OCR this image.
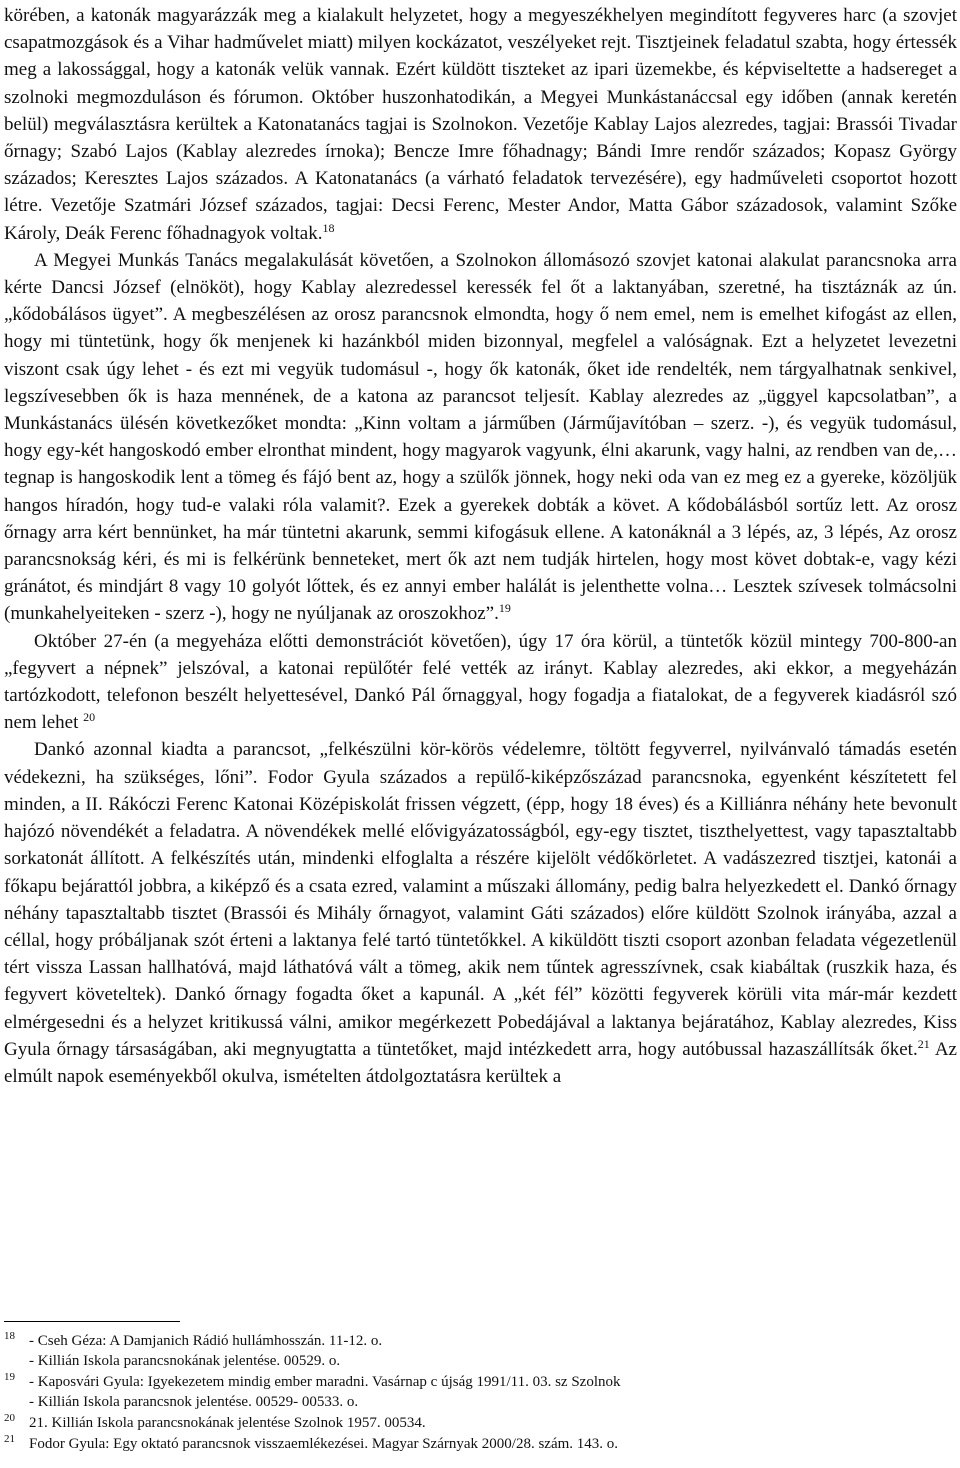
körében, a katonák magyarázzák meg a kialakult helyzetet, hogy a megyeszékhelyen megindított fegyveres harc (a szovjet csapatmozgások és a Vihar hadművelet miatt) milyen kockázatot, veszélyeket rejt. Tisztjeinek feladatul szabta, hogy értessék meg a lakossággal, hogy a katonák velük vannak. Ezért küldött tiszteket az ipari üzemekbe, és képviseltette a hadsereget a szolnoki megmozduláson és fórumon. Október huszonhatodikán, a Megyei Munkástanáccsal egy időben (annak keretén belül) megválasztásra kerültek a Katonatanács tagjai is Szolnokon. Vezetője Kablay Lajos alezredes, tagjai: Brassói Tivadar őrnagy; Szabó Lajos (Kablay alezredes írnoka); Bencze Imre főhadnagy; Bándi Imre rendőr százados; Kopasz György százados; Keresztes Lajos százados. A Katonatanács (a várható feladatok tervezésére), egy hadműveleti csoportot hozott létre. Vezetője Szatmári József százados, tagjai: Decsi Ferenc, Mester Andor, Matta Gábor századosok, valamint Szőke Károly, Deák Ferenc főhadnagyok voltak.$^{18}$

A Megyei Munkás Tanács megalakulását követően, a Szolnokon állomásozó szovjet katonai alakulat parancsnoka arra kérte Dancsi József (elnököt), hogy Kablay alezredessel keressék fel őt a laktanyában, szeretné, ha tisztáznák az ún. „kődobálásos ügyet”. A megbeszélésen az orosz parancsnok elmondta, hogy ő nem emel, nem is emelhet kifogást az ellen, hogy mi tüntetünk, hogy ők menjenek ki hazánkból miden bizonnyal, megfelel a valóságnak. Ezt a helyzetet levezetni viszont csak úgy lehet - és ezt mi vegyük tudomásul -, hogy ők katonák, őket ide rendelték, nem tárgyalhatnak senkivel, legszívesebben ők is haza mennének, de a katona az parancsot teljesít. Kablay alezredes az „üggyel kapcsolatban”, a Munkástanács ülésén következőket mondta: „Kinn voltam a járműben (Járműjavítóban – szerz. -), és vegyük tudomásul, hogy egy-két hangoskodó ember elronthat mindent, hogy magyarok vagyunk, élni akarunk, vagy halni, az rendben van de,… tegnap is hangoskodik lent a tömeg és fájó bent az, hogy a szülők jönnek, hogy neki oda van ez meg ez a gyereke, közöljük hangos híradón, hogy tud-e valaki róla valamit?. Ezek a gyerekek dobták a követ. A kődobálásból sortűz lett. Az orosz őrnagy arra kért bennünket, ha már tüntetni akarunk, semmi kifogásuk ellene. A katonáknál a 3 lépés, az, 3 lépés, Az orosz parancsnokság kéri, és mi is felkérünk benneteket, mert ők azt nem tudják hirtelen, hogy most követ dobtak-e, vagy kézi gránátot, és mindjárt 8 vagy 10 golyót lőttek, és ez annyi ember halálát is jelenthette volna… Lesztek szívesek tolmácsolni (munkahelyeiteken - szerz -), hogy ne nyúljanak az oroszokhoz”.$^{19}$

Október 27-én (a megyeháza előtti demonstrációt követően), úgy 17 óra körül, a tüntetők közül mintegy 700-800-an „fegyvert a népnek” jelszóval, a katonai repülőtér felé vették az irányt. Kablay alezredes, aki ekkor, a megyeházán tartózkodott, telefonon beszélt helyettesével, Dankó Pál őrnaggyal, hogy fogadja a fiatalokat, de a fegyverek kiadásról szó nem lehet $^{20}$

Dankó azonnal kiadta a parancsot, „felkészülni kör-körös védelemre, töltött fegyverrel, nyilvánvaló támadás esetén védekezni, ha szükséges, lőni”. Fodor Gyula százados a repülő-kiképzőszázad parancsnoka, egyenként készítetett fel minden, a II. Rákóczi Ferenc Katonai Középiskolát frissen végzett, (épp, hogy 18 éves) és a Killiánra néhány hete bevonult hajózó növendékét a feladatra. A növendékek mellé elővigyázatosságból, egy-egy tisztet, tiszthelyettest, vagy tapasztaltabb sorkatonát állított. A felkészítés után, mindenki elfoglalta a részére kijelölt védőkörletet. A vadászezred tisztjei, katonái a főkapu bejárattól jobbra, a kiképző és a csata ezred, valamint a műszaki állomány, pedig balra helyezkedett el. Dankó őrnagy néhány tapasztaltabb tisztet (Brassói és Mihály őrnagyot, valamint Gáti százados) előre küldött Szolnok irányába, azzal a céllal, hogy próbáljanak szót érteni a laktanya felé tartó tüntetőkkel. A kiküldött tiszti csoport azonban feladata végezetlenül tért vissza Lassan hallhatóvá, majd láthatóvá vált a tömeg, akik nem tűntek agresszívnek, csak kiabáltak (ruszkik haza, és fegyvert követeltek). Dankó őrnagy fogadta őket a kapunál. A „két fél” közötti fegyverek körüli vita már-már kezdett elmérgesedni és a helyzet kritikussá válni, amikor megérkezett Pobedájával a laktanya bejáratához, Kablay alezredes, Kiss Gyula őrnagy társaságában, aki megnyugtatta a tüntetőket, majd intézkedett arra, hogy autóbussal hazaszállítsák őket.$^{21}$ Az elmúlt napok eseményekből okulva, ismételten átdolgoztatásra kerültek a

$^{18}$ - Cseh Géza: A Damjanich Rádió hullámhosszán. 11-12. o.
- Killián Iskola parancsnokának jelentése. 00529. o.
$^{19}$ - Kaposvári Gyula: Igyekezetem mindig ember maradni. Vasárnap c újság 1991/11. 03. sz Szolnok
- Killián Iskola parancsnok jelentése. 00529- 00533. o.
$^{20}$ 21. Killián Iskola parancsnokának jelentése Szolnok 1957. 00534.
$^{21}$ Fodor Gyula: Egy oktató parancsnok visszaemlékezései. Magyar Szárnyak 2000/28. szám. 143. o.
